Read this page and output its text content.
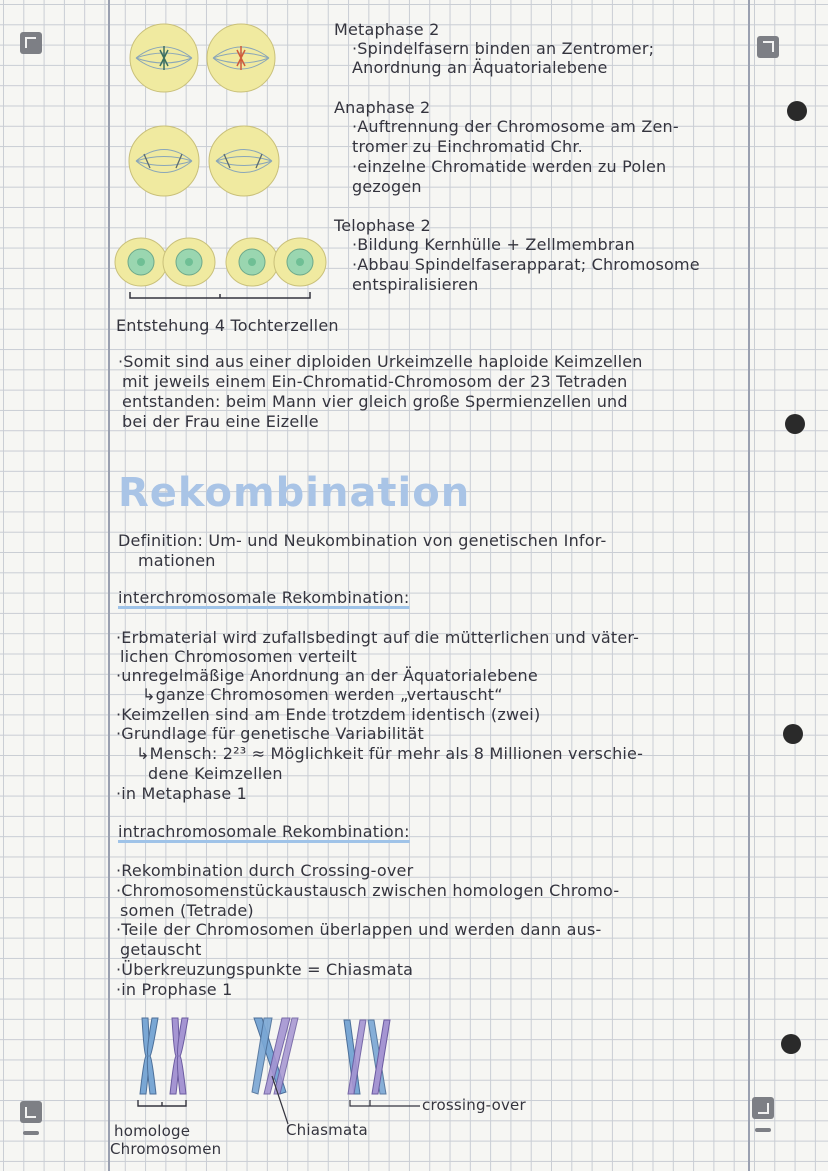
Metaphase 2
·Spindelfasern binden an Zentromer;
Anordnung an Äquatorialebene
Anaphase 2
·Auftrennung der Chromosome am Zen-
tromer zu Einchromatid Chr.
·einzelne Chromatide werden zu Polen
gezogen
Telophase 2
·Bildung Kernhülle + Zellmembran
·Abbau Spindelfaserapparat; Chromosome
entspiralisieren
Entstehung 4 Tochterzellen
·Somit sind aus einer diploiden Urkeimzelle haploide Keimzellen
mit jeweils einem Ein-Chromatid-Chromosom der 23 Tetraden
entstanden: beim Mann vier gleich große Spermienzellen und
bei der Frau eine Eizelle
Rekombination
Definition: Um- und Neukombination von genetischen Infor-
mationen
interchromosomale Rekombination:
·Erbmaterial wird zufallsbedingt auf die mütterlichen und väter-
lichen Chromosomen verteilt
·unregelmäßige Anordnung an der Äquatorialebene
↳ganze Chromosomen werden „vertauscht“
·Keimzellen sind am Ende trotzdem identisch (zwei)
·Grundlage für genetische Variabilität
↳Mensch: 2²³ ≈ Möglichkeit für mehr als 8 Millionen verschie-
dene Keimzellen
·in Metaphase 1
intrachromosomale Rekombination:
·Rekombination durch Crossing-over
·Chromosomenstückaustausch zwischen homologen Chromo-
somen (Tetrade)
·Teile der Chromosomen überlappen und werden dann aus-
getauscht
·Überkreuzungspunkte = Chiasmata
·in Prophase 1
crossing-over
homologe
Chromosomen
Chiasmata
